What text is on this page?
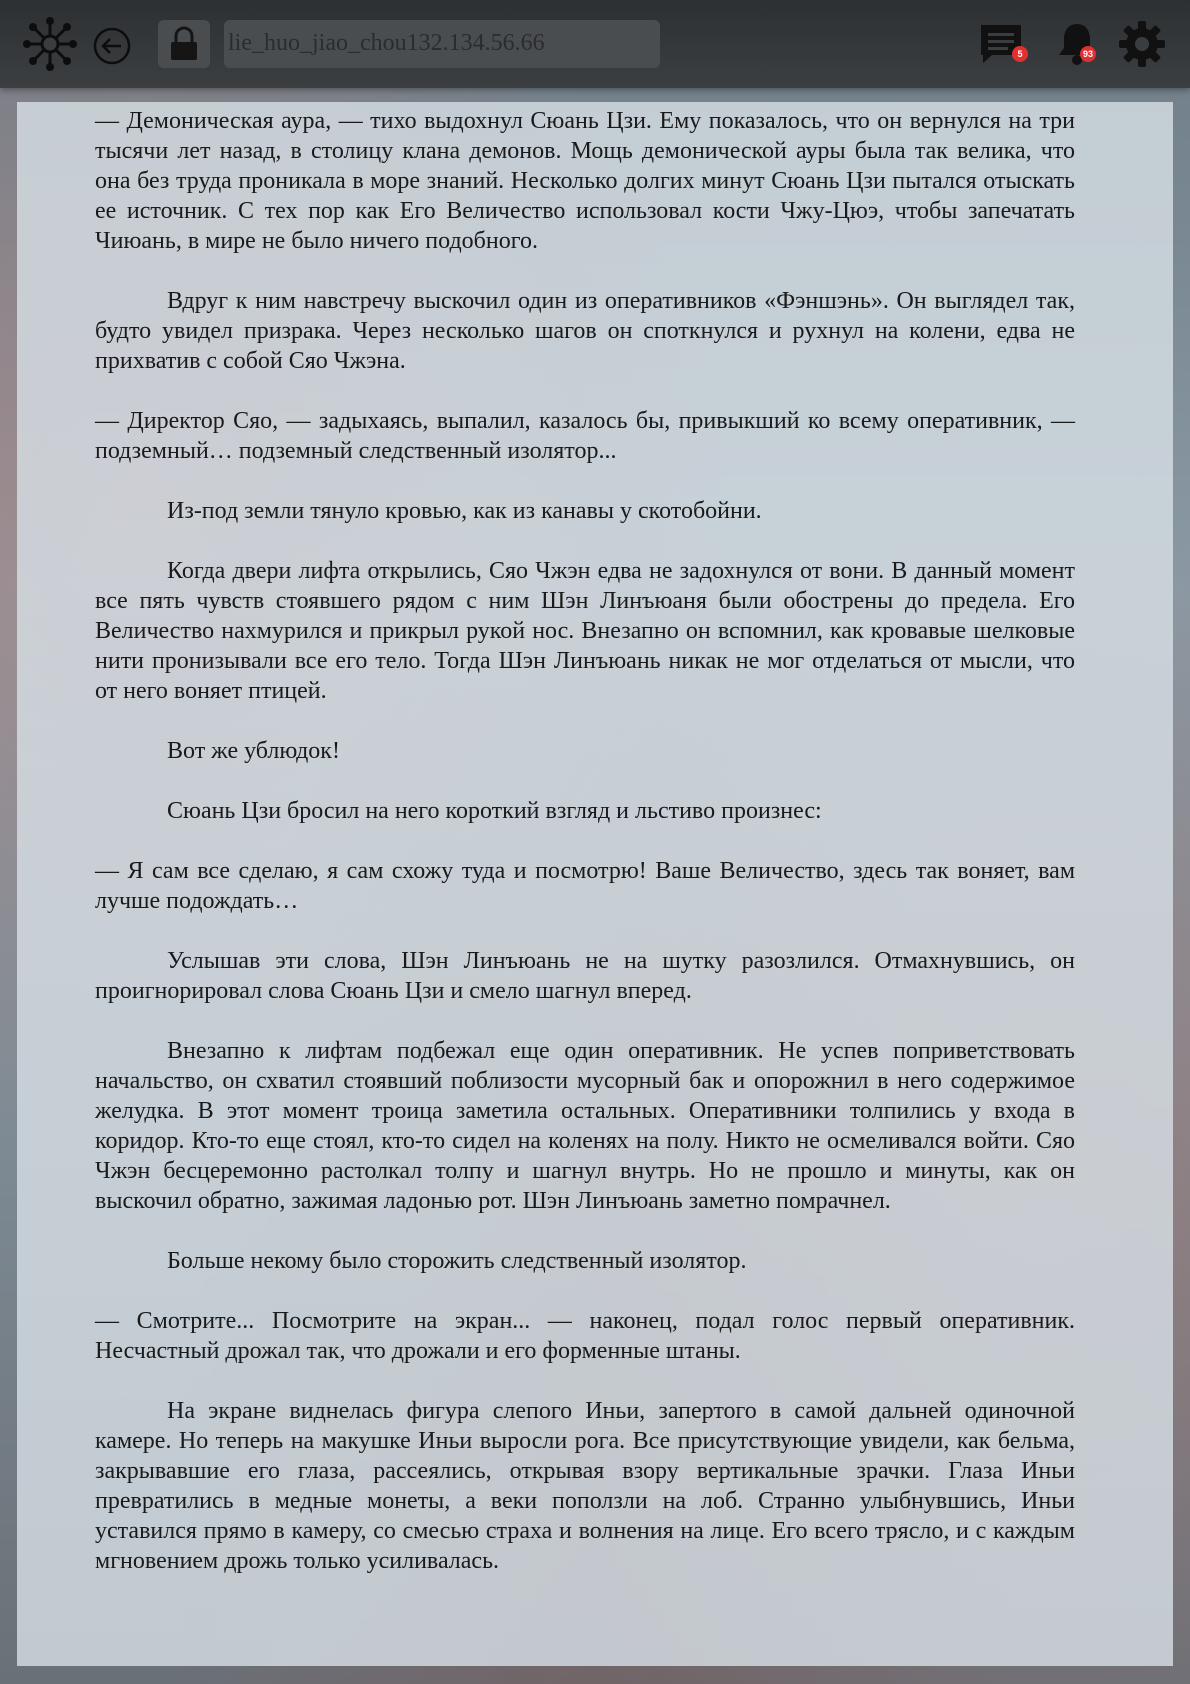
lie_huo_jiao_chou132.134.56.66	5	93

— Демоническая аура, — тихо выдохнул Сюань Цзи. Ему показалось, что он вернулся на три тысячи лет назад, в столицу клана демонов. Мощь демонической ауры была так велика, что она без труда проникала в море знаний. Несколько долгих минут Сюань Цзи пытался отыскать ее источник. С тех пор как Его Величество использовал кости Чжу-Цюэ, чтобы запечатать Чиюань, в мире не было ничего подобного.

Вдруг к ним навстречу выскочил один из оперативников «Фэншэнь». Он выглядел так, будто увидел призрака. Через несколько шагов он споткнулся и рухнул на колени, едва не прихватив с собой Сяо Чжэна.

— Директор Сяо, — задыхаясь, выпалил, казалось бы, привыкший ко всему оперативник, — подземный… подземный следственный изолятор...

Из-под земли тянуло кровью, как из канавы у скотобойни.

Когда двери лифта открылись, Сяо Чжэн едва не задохнулся от вони. В данный момент все пять чувств стоявшего рядом с ним Шэн Линъюаня были обострены до предела. Его Величество нахмурился и прикрыл рукой нос. Внезапно он вспомнил, как кровавые шелковые нити пронизывали все его тело. Тогда Шэн Линъюань никак не мог отделаться от мысли, что от него воняет птицей.

Вот же ублюдок!

Сюань Цзи бросил на него короткий взгляд и льстиво произнес:

— Я сам все сделаю, я сам схожу туда и посмотрю! Ваше Величество, здесь так воняет, вам лучше подождать…

Услышав эти слова, Шэн Линъюань не на шутку разозлился. Отмахнувшись, он проигнорировал слова Сюань Цзи и смело шагнул вперед.

Внезапно к лифтам подбежал еще один оперативник. Не успев поприветствовать начальство, он схватил стоявший поблизости мусорный бак и опорожнил в него содержимое желудка. В этот момент троица заметила остальных. Оперативники толпились у входа в коридор. Кто-то еще стоял, кто-то сидел на коленях на полу. Никто не осмеливался войти. Сяо Чжэн бесцеремонно растолкал толпу и шагнул внутрь. Но не прошло и минуты, как он выскочил обратно, зажимая ладонью рот. Шэн Линъюань заметно помрачнел.

Больше некому было сторожить следственный изолятор.

— Смотрите... Посмотрите на экран... — наконец, подал голос первый оперативник. Несчастный дрожал так, что дрожали и его форменные штаны.

На экране виднелась фигура слепого Иньи, запертого в самой дальней одиночной камере. Но теперь на макушке Иньи выросли рога. Все присутствующие увидели, как бельма, закрывавшие его глаза, рассеялись, открывая взору вертикальные зрачки. Глаза Иньи превратились в медные монеты, а веки поползли на лоб. Странно улыбнувшись, Иньи уставился прямо в камеру, со смесью страха и волнения на лице. Его всего трясло, и с каждым мгновением дрожь только усиливалась.
